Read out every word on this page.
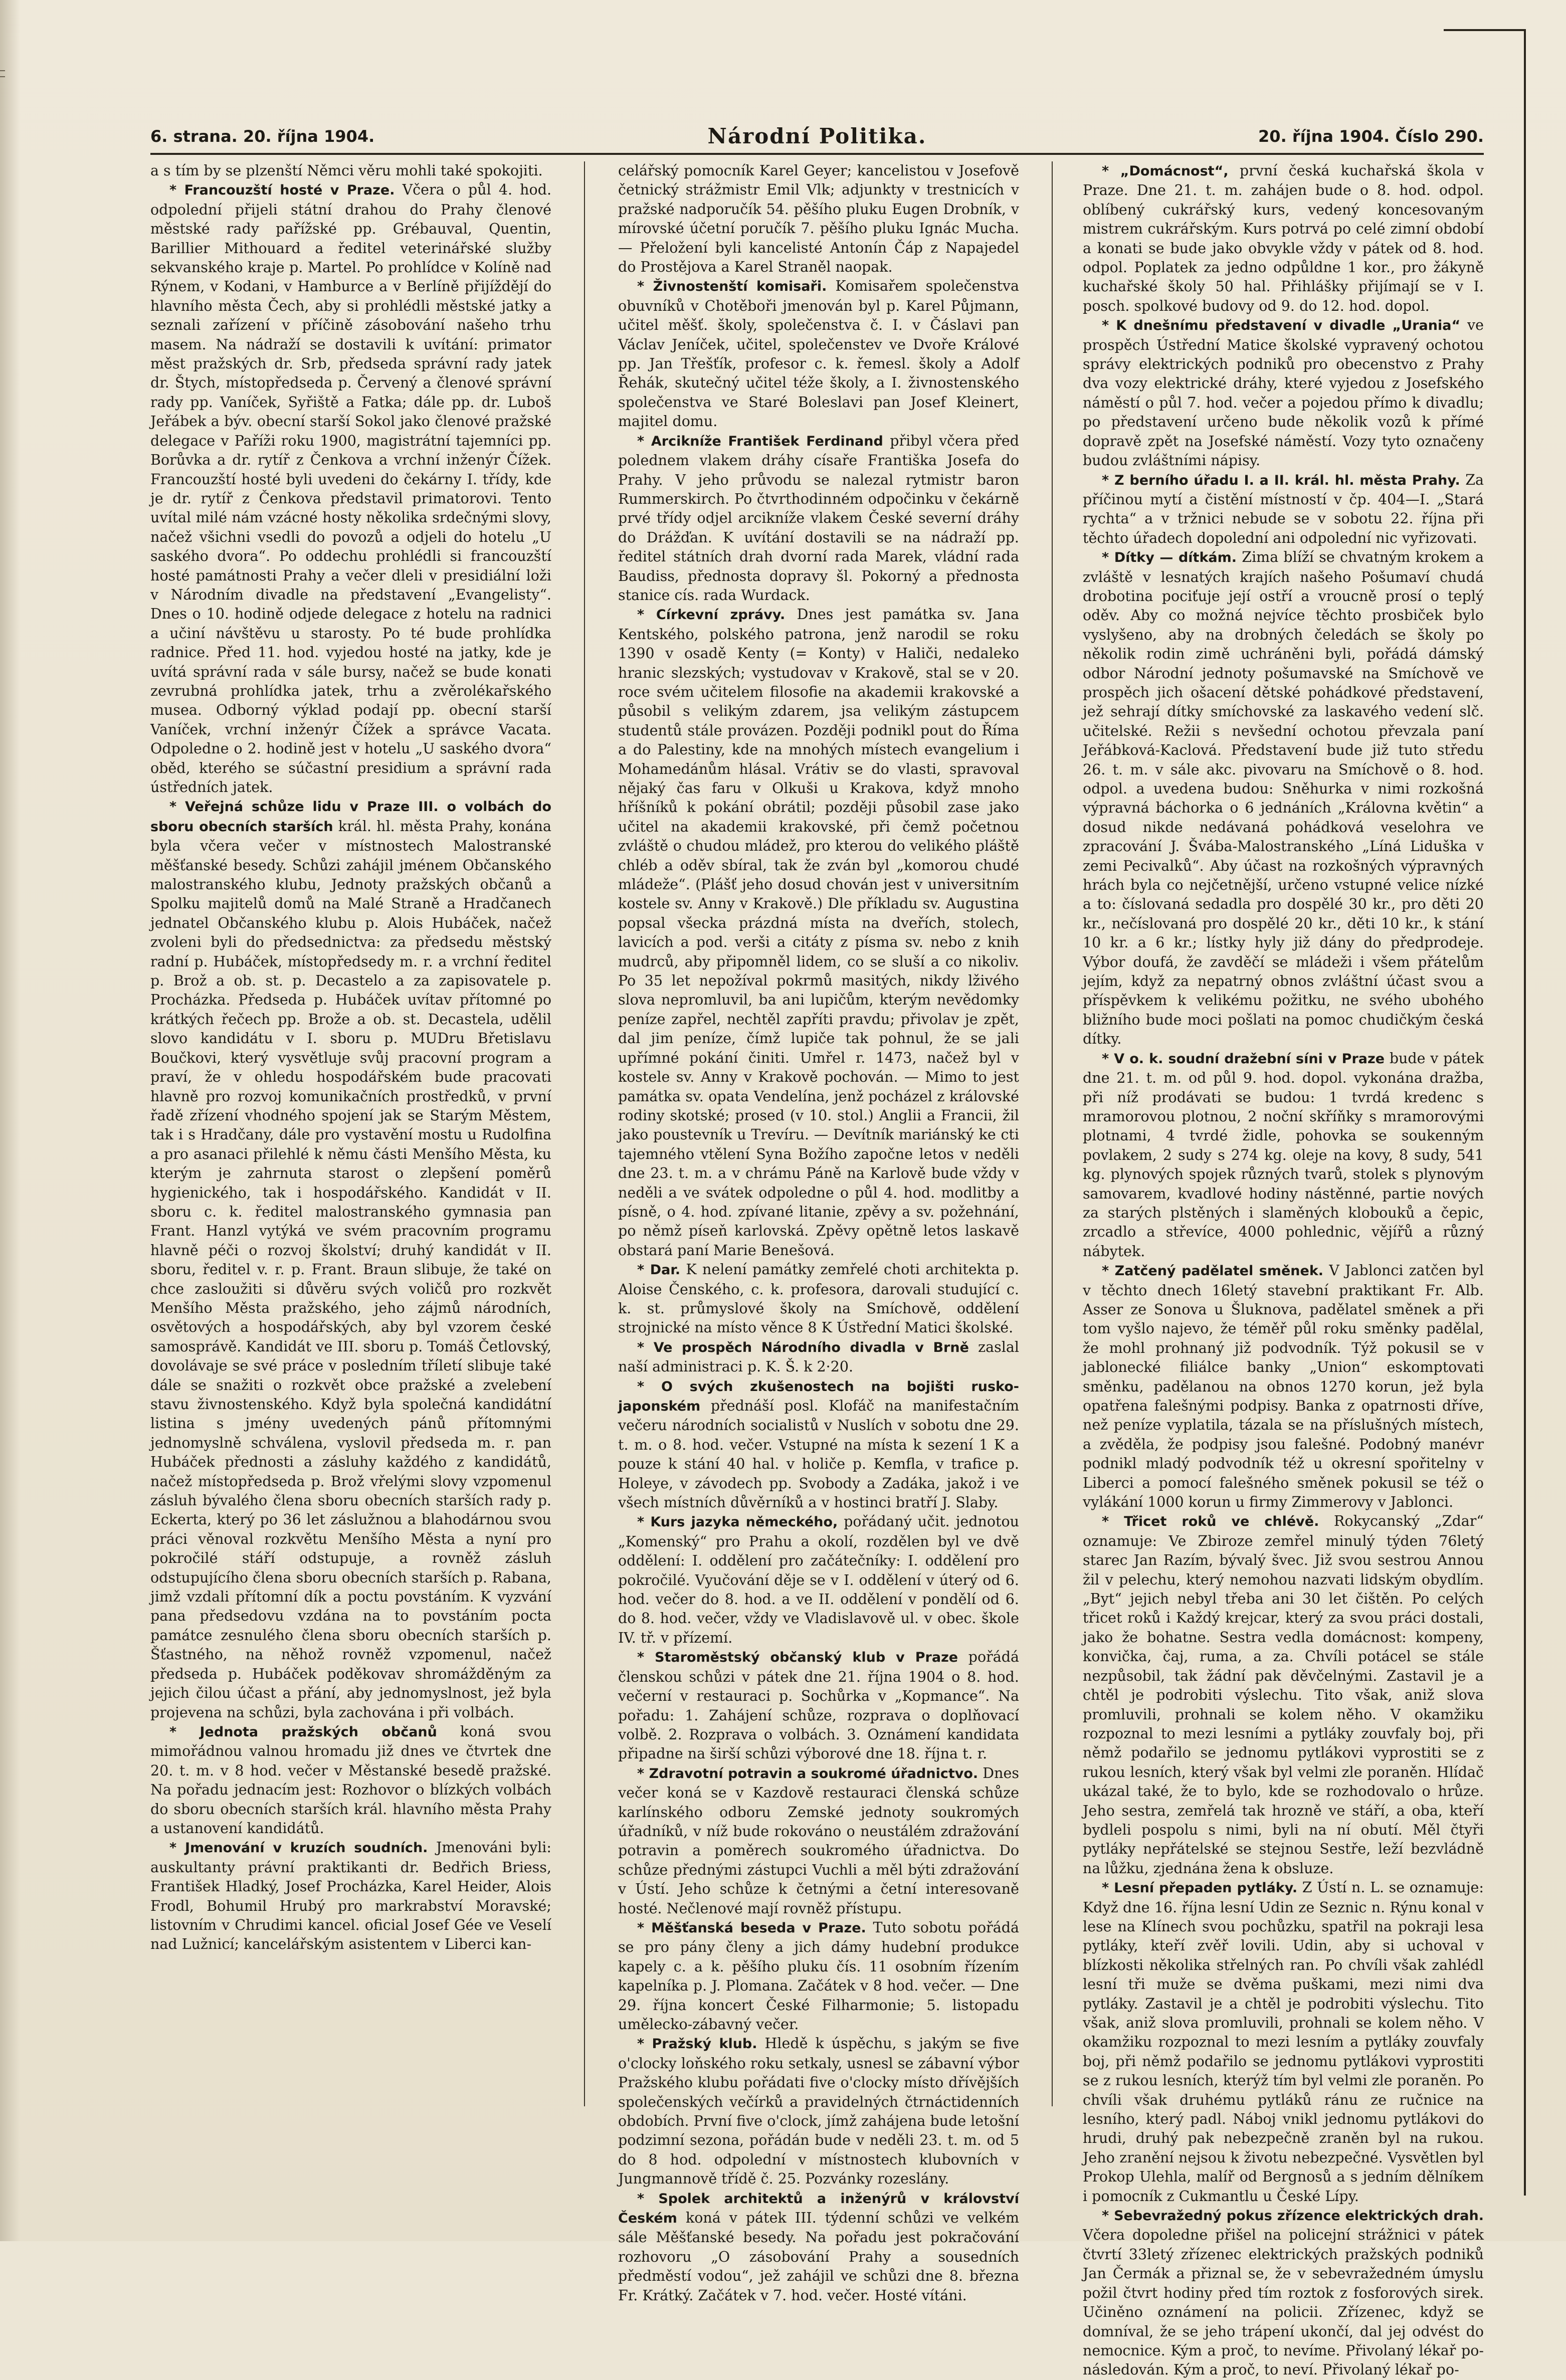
6. strana. 20. října 1904.	Národní Politika.	20. října 1904. Číslo 290.

a s tím by se plzenští Němci věru mohli také spokojiti.

* Francouzští hosté v Praze. Včera o půl 4. hod. odpolední přijeli státní drahou do Prahy členové městské rady pařížské pp. Grébauval, Quentin, Barillier Mithouard a ředitel veterinářské služby sekvanského kraje p. Martel. Po prohlídce v Kolíně nad Rýnem, v Kodani, v Hamburce a v Berlíně přijíždějí do hlavního města Čech, aby si prohlédli městské jatky a seznali zařízení v příčině zásobování našeho trhu masem. Na nádraží se dostavili k uvítání: primator měst pražských dr. Srb, předseda správní rady jatek dr. Štych, místopředseda p. Červený a členové správní rady pp. Vaníček, Syřiště a Fatka; dále pp. dr. Luboš Jeřábek a býv. obecní starší Sokol jako členové pražské delegace v Paříži roku 1900, magistrátní tajemníci pp. Borůvka a dr. rytíř z Čenkova a vrchní inženýr Čížek. Francouzští hosté byli uvedeni do čekárny I. třídy, kde je dr. rytíř z Čenkova představil primatorovi. Tento uvítal milé nám vzácné hosty několika srdečnými slovy, načež všichni vsedli do povozů a odjeli do hotelu „U saského dvora“. Po oddechu prohlédli si francouzští hosté památnosti Prahy a večer dleli v presidiální loži v Národním divadle na představení „Evangelisty“. Dnes o 10. hodině odjede delegace z hotelu na radnici a učiní návštěvu u starosty. Po té bude prohlídka radnice. Před 11. hod. vyjedou hosté na jatky, kde je uvítá správní rada v sále bursy, načež se bude konati zevrubná prohlídka jatek, trhu a zvěrolékařského musea. Odborný výklad podají pp. obecní starší Vaníček, vrchní inženýr Čížek a správce Vacata. Odpoledne o 2. hodině jest v hotelu „U saského dvora“ oběd, kterého se súčastní presidium a správní rada ústředních jatek.

* Veřejná schůze lidu v Praze III. o volbách do sboru obecních starších král. hl. města Prahy, konána byla včera večer v místnostech Malostranské měšťanské besedy. Schůzi zahájil jménem Občanského malostranského klubu, Jednoty pražských občanů a Spolku majitelů domů na Malé Straně a Hradčanech jednatel Občanského klubu p. Alois Hubáček, načež zvoleni byli do předsednictva: za předsedu městský radní p. Hubáček, místopředsedy m. r. a vrchní ředitel p. Brož a ob. st. p. Decastelo a za zapisovatele p. Procházka. Předseda p. Hubáček uvítav přítomné po krátkých řečech pp. Brože a ob. st. Decastela, udělil slovo kandidátu v I. sboru p. MUDru Břetislavu Boučkovi, který vysvětluje svůj pracovní program a praví, že v ohledu hospodářském bude pracovati hlavně pro rozvoj komunikačních prostředků, v první řadě zřízení vhodného spojení jak se Starým Městem, tak i s Hradčany, dále pro vystavění mostu u Rudolfina a pro asanaci přilehlé k němu části Menšího Města, ku kterým je zahrnuta starost o zlepšení poměrů hygienického, tak i hospodářského. Kandidát v II. sboru c. k. ředitel malostranského gymnasia pan Frant. Hanzl vytýká ve svém pracovním programu hlavně péči o rozvoj školství; druhý kandidát v II. sboru, ředitel v. r. p. Frant. Braun slibuje, že také on chce zasloužiti si důvěru svých voličů pro rozkvět Menšího Města pražského, jeho zájmů národních, osvětových a hospodářských, aby byl vzorem české samosprávě. Kandidát ve III. sboru p. Tomáš Četlovský, dovolávaje se své práce v posledním tříletí slibuje také dále se snažiti o rozkvět obce pražské a zvelebení stavu živnostenského. Když byla společná kandidátní listina s jmény uvedených pánů přítomnými jednomyslně schválena, vyslovil předseda m. r. pan Hubáček přednosti a zásluhy každého z kandidátů, načež místopředseda p. Brož vřelými slovy vzpomenul zásluh bývalého člena sboru obecních starších rady p. Eckerta, který po 36 let záslužnou a blahodárnou svou práci věnoval rozkvětu Menšího Města a nyní pro pokročilé stáří odstupuje, a rovněž zásluh odstupujícího člena sboru obecních starších p. Rabana, jimž vzdali přítomní dík a poctu povstáním. K vyzvání pana předsedovu vzdána na to povstáním pocta památce zesnulého člena sboru obecních starších p. Šťastného, na něhož rovněž vzpomenul, načež předseda p. Hubáček poděkovav shromážděným za jejich čilou účast a přání, aby jednomyslnost, jež byla projevena na schůzi, byla zachována i při volbách.

* Jednota pražských občanů koná svou mimořádnou valnou hromadu již dnes ve čtvrtek dne 20. t. m. v 8 hod. večer v Městanské besedě pražské. Na pořadu jednacím jest: Rozhovor o blízkých volbách do sboru obecních starších král. hlavního města Prahy a ustanovení kandidátů.

* Jmenování v kruzích soudních. Jmenováni byli: auskultanty právní praktikanti dr. Bedřich Briess, František Hladký, Josef Procházka, Karel Heider, Alois Frodl, Bohumil Hrubý pro markrabství Moravské; listovním v Chrudimi kancel. oficial Josef Gée ve Veselí nad Lužnicí; kancelářským asistentem v Liberci kan-

celářský pomocník Karel Geyer; kancelistou v Josefově četnický strážmistr Emil Vlk; adjunkty v trestnicích v pražské nadporučík 54. pěšího pluku Eugen Drobník, v mírovské účetní poručík 7. pěšího pluku Ignác Mucha. — Přeložení byli kancelisté Antonín Čáp z Napajedel do Prostějova a Karel Straněl naopak.

* Živnostenští komisaři. Komisařem společenstva obuvníků v Chotěboři jmenován byl p. Karel Půjmann, učitel měšť. školy, společenstva č. I. v Čáslavi pan Václav Jeníček, učitel, společenstev ve Dvoře Králové pp. Jan Třešťík, profesor c. k. řemesl. školy a Adolf Řehák, skutečný učitel téže školy, a I. živnostenského společenstva ve Staré Boleslavi pan Josef Kleinert, majitel domu.

* Arcikníže František Ferdinand přibyl včera před polednem vlakem dráhy císaře Františka Josefa do Prahy. V jeho průvodu se nalezal rytmistr baron Rummerskirch. Po čtvrthodinném odpočinku v čekárně prvé třídy odjel arcikníže vlakem České severní dráhy do Drážďan. K uvítání dostavili se na nádraží pp. ředitel státních drah dvorní rada Marek, vládní rada Baudiss, přednosta dopravy šl. Pokorný a přednosta stanice cís. rada Wurdack.

* Církevní zprávy. Dnes jest památka sv. Jana Kentského, polského patrona, jenž narodil se roku 1390 v osadě Kenty (= Konty) v Haliči, nedaleko hranic slezských; vystudovav v Krakově, stal se v 20. roce svém učitelem filosofie na akademii krakovské a působil s velikým zdarem, jsa velikým zástupcem studentů stále provázen. Později podnikl pout do Říma a do Palestiny, kde na mnohých místech evangelium i Mohamedánům hlásal. Vrátiv se do vlasti, spravoval nějaký čas faru v Olkuši u Krakova, když mnoho hříšníků k pokání obrátil; později působil zase jako učitel na akademii krakovské, při čemž početnou zvláště o chudou mládež, pro kterou do velikého pláště chléb a oděv sbíral, tak že zván byl „komorou chudé mládeže“. (Plášť jeho dosud chován jest v universitním kostele sv. Anny v Krakově.) Dle příkladu sv. Augustina popsal všecka prázdná místa na dveřích, stolech, lavicích a pod. verši a citáty z písma sv. nebo z knih mudrců, aby připomněl lidem, co se sluší a co nikoliv. Po 35 let nepožíval pokrmů masitých, nikdy lživého slova nepromluvil, ba ani lupičům, kterým nevědomky peníze zapřel, nechtěl zapříti pravdu; přivolav je zpět, dal jim peníze, čímž lupiče tak pohnul, že se jali upřímné pokání činiti. Umřel r. 1473, načež byl v kostele sv. Anny v Krakově pochován. — Mimo to jest památka sv. opata Vendelína, jenž pocházel z královské rodiny skotské; prosed (v 10. stol.) Anglii a Francii, žil jako poustevník u Trevíru. — Devítník mariánský ke cti tajemného vtělení Syna Božího započne letos v neděli dne 23. t. m. a v chrámu Páně na Karlově bude vždy v neděli a ve svátek odpoledne o půl 4. hod. modlitby a písně, o 4. hod. zpívané litanie, zpěvy a sv. požehnání, po němž píseň karlovská. Zpěvy opětně letos laskavě obstará paní Marie Benešová.

* Dar. K nelení památky zemřelé choti architekta p. Aloise Čenského, c. k. profesora, darovali studující c. k. st. průmyslové školy na Smíchově, oddělení strojnické na místo věnce 8 K Ústřední Matici školské.

* Ve prospěch Národního divadla v Brně zaslal naší administraci p. K. Š. k 2·20.

* O svých zkušenostech na bojišti rusko-japonském přednáší posl. Klofáč na manifestačním večeru národních socialistů v Nuslích v sobotu dne 29. t. m. o 8. hod. večer. Vstupné na místa k sezení 1 K a pouze k stání 40 hal. v holiče p. Kemfla, v trafice p. Holeye, v závodech pp. Svobody a Zadáka, jakož i ve všech místních důvěrníků a v hostinci bratří J. Slaby.

* Kurs jazyka německého, pořádaný učit. jednotou „Komenský“ pro Prahu a okolí, rozdělen byl ve dvě oddělení: I. oddělení pro začátečníky: I. oddělení pro pokročilé. Vyučování děje se v I. oddělení v úterý od 6. hod. večer do 8. hod. a ve II. oddělení v pondělí od 6. do 8. hod. večer, vždy ve Vladislavově ul. v obec. škole IV. tř. v přízemí.

* Staroměstský občanský klub v Praze pořádá členskou schůzi v pátek dne 21. října 1904 o 8. hod. večerní v restauraci p. Sochůrka v „Kopmance“. Na pořadu: 1. Zahájení schůze, rozprava o doplňovací volbě. 2. Rozprava o volbách. 3. Oznámení kandidata připadne na širší schůzi výborové dne 18. října t. r.

* Zdravotní potravin a soukromé úřadnictvo. Dnes večer koná se v Kazdově restauraci členská schůze karlínského odboru Zemské jednoty soukromých úřadníků, v níž bude rokováno o neustálém zdražování potravin a poměrech soukromého úřadnictva. Do schůze přednými zástupci Vuchli a měl býti zdražování v Ústí. Jeho schůze k četnými a četní interesovaně hosté. Nečlenové mají rovněž přístupu.

* Měšťanská beseda v Praze. Tuto sobotu pořádá se pro pány členy a jich dámy hudební produkce kapely c. a k. pěšího pluku čís. 11 osobním řízením kapelníka p. J. Plomana. Začátek v 8 hod. večer. — Dne 29. října koncert České Filharmonie; 5. listopadu umělecko-zábavný večer.

* Pražský klub. Hledě k úspěchu, s jakým se five o'clocky loňského roku setkaly, usnesl se zábavní výbor Pražského klubu pořádati five o'clocky místo dřívějších společenských večírků a pravidelných čtrnáctidenních obdobích. První five o'clock, jímž zahájena bude letošní podzimní sezona, pořádán bude v neděli 23. t. m. od 5 do 8 hod. odpolední v místnostech klubovních v Jungmannově třídě č. 25. Pozvánky rozeslány.

* Spolek architektů a inženýrů v království Českém koná v pátek III. týdenní schůzi ve velkém sále Měšťanské besedy. Na pořadu jest pokračování rozhovoru „O zásobování Prahy a sousedních předměstí vodou“, jež zahájil ve schůzi dne 8. března Fr. Krátký. Začátek v 7. hod. večer. Hosté vítáni.

* „Domácnost“, první česká kuchařská škola v Praze. Dne 21. t. m. zahájen bude o 8. hod. odpol. oblíbený cukrářský kurs, vedený koncesovaným mistrem cukrářským. Kurs potrvá po celé zimní období a konati se bude jako obvykle vždy v pátek od 8. hod. odpol. Poplatek za jedno odpůldne 1 kor., pro žákyně kuchařské školy 50 hal. Přihlášky přijímají se v I. posch. spolkové budovy od 9. do 12. hod. dopol.

* K dnešnímu představení v divadle „Urania“ ve prospěch Ústřední Matice školské vypravený ochotou správy elektrických podniků pro obecenstvo z Prahy dva vozy elektrické dráhy, které vyjedou z Josefského náměstí o půl 7. hod. večer a pojedou přímo k divadlu; po představení určeno bude několik vozů k přímé dopravě zpět na Josefské náměstí. Vozy tyto označeny budou zvláštními nápisy.

* Z berního úřadu I. a II. král. hl. města Prahy. Za příčinou mytí a čistění místností v čp. 404—I. „Stará rychta“ a v tržnici nebude se v sobotu 22. října při těchto úřadech dopolední ani odpolední nic vyřizovati.

* Dítky — dítkám. Zima blíží se chvatným krokem a zvláště v lesnatých krajích našeho Pošumaví chudá drobotina pociťuje její ostří a vroucně prosí o teplý oděv. Aby co možná nejvíce těchto prosbiček bylo vyslyšeno, aby na drobných čeledách se školy po několik rodin zimě uchráněni byli, pořádá dámský odbor Národní jednoty pošumavské na Smíchově ve prospěch jich ošacení dětské pohádkové představení, jež sehrají dítky smíchovské za laskavého vedení slč. učitelské. Režii s nevšední ochotou převzala paní Jeřábková-Kaclová. Představení bude již tuto středu 26. t. m. v sále akc. pivovaru na Smíchově o 8. hod. odpol. a uvedena budou: Sněhurka v nimi rozkošná výpravná báchorka o 6 jednáních „Královna květin“ a dosud nikde nedávaná pohádková veselohra ve zpracování J. Švába-Malostranského „Líná Liduška v zemi Pecivalků“. Aby účast na rozkošných výpravných hrách byla co nejčetnější, určeno vstupné velice nízké a to: číslovaná sedadla pro dospělé 30 kr., pro děti 20 kr., nečíslovaná pro dospělé 20 kr., děti 10 kr., k stání 10 kr. a 6 kr.; lístky hyly již dány do předprodeje. Výbor doufá, že zavděčí se mládeži i všem přátelům jejím, když za nepatrný obnos zvláštní účast svou a příspěvkem k velikému požitku, ne svého ubohého bližního bude moci pošlati na pomoc chudičkým česká dítky.

* V o. k. soudní dražební síni v Praze bude v pátek dne 21. t. m. od půl 9. hod. dopol. vykonána dražba, při níž prodávati se budou: 1 tvrdá kredenc s mramorovou plotnou, 2 noční skříňky s mramorovými plotnami, 4 tvrdé židle, pohovka se soukenným povlakem, 2 sudy s 274 kg. oleje na kovy, 8 sudy, 541 kg. plynových spojek různých tvarů, stolek s plynovým samovarem, kvadlové hodiny nástěnné, partie nových za starých plstěných i slaměných klobouků a čepic, zrcadlo a střevíce, 4000 pohlednic, vějířů a různý nábytek.

* Zatčený padělatel směnek. V Jablonci zatčen byl v těchto dnech 16letý stavební praktikant Fr. Alb. Asser ze Sonova u Šluknova, padělatel směnek a při tom vyšlo najevo, že téměř půl roku směnky padělal, že mohl prohnaný již podvodník. Týž pokusil se v jablonecké filiálce banky „Union“ eskomptovati směnku, padělanou na obnos 1270 korun, jež byla opatřena falešnými podpisy. Banka z opatrnosti dříve, než peníze vyplatila, tázala se na příslušných místech, a zvěděla, že podpisy jsou falešné. Podobný manévr podnikl mladý podvodník též u okresní spořitelny v Liberci a pomocí falešného směnek pokusil se též o vylákání 1000 korun u firmy Zimmerovy v Jablonci.

* Třicet roků ve chlévě. Rokycanský „Zdar“ oznamuje: Ve Zbiroze zemřel minulý týden 76letý starec Jan Razím, bývalý švec. Již svou sestrou Annou žil v pelechu, který nemohou nazvati lidským obydlím. „Byt“ jejich nebyl třeba ani 30 let čištěn. Po celých třicet roků i Každý krejcar, který za svou práci dostali, jako že bohatne. Sestra vedla domácnost: kompeny, konvička, čaj, ruma, a za. Chvíli potácel se stále nezpůsobil, tak žádní pak děvčelnými. Zastavil je a chtěl je podrobiti výslechu. Tito však, aniž slova promluvili, prohnali se kolem něho. V okamžiku rozpoznal to mezi lesními a pytláky zouvfaly boj, při němž podařilo se jednomu pytlákovi vyprostiti se z rukou lesních, který však byl velmi zle poraněn. Hlídač ukázal také, že to bylo, kde se rozhodovalo o hrůze. Jeho sestra, zemřelá tak hrozně ve stáří, a oba, kteří bydleli pospolu s nimi, byli na ní obutí. Měl čtyři pytláky nepřátelské se stejnou Sestře, leží bezvládně na lůžku, zjednána žena k obsluze.

* Lesní přepaden pytláky. Z Ústí n. L. se oznamuje: Když dne 16. října lesní Udin ze Seznic n. Rýnu konal v lese na Klínech svou pochůzku, spatřil na pokraji lesa pytláky, kteří zvěř lovili. Udin, aby si uchoval v blízkosti několika střelných ran. Po chvíli však zahlédl lesní tři muže se dvěma puškami, mezi nimi dva pytláky. Zastavil je a chtěl je podrobiti výslechu. Tito však, aniž slova promluvili, prohnali se kolem něho. V okamžiku rozpoznal to mezi lesním a pytláky zouvfaly boj, při němž podařilo se jednomu pytlákovi vyprostiti se z rukou lesních, kterýž tím byl velmi zle poraněn. Po chvíli však druhému pytláků ránu ze ručnice na lesního, který padl. Náboj vnikl jednomu pytlákovi do hrudi, druhý pak nebezpečně zraněn byl na rukou. Jeho zranění nejsou k životu nebezpečné. Vysvětlen byl Prokop Ulehla, malíř od Bergnosů a s jedním dělníkem i pomocník z Cukmantlu u České Lípy.

* Sebevražedný pokus zřízence elektrických drah. Včera dopoledne přišel na policejní strážnici v pátek čtvrtí 33letý zřízenec elektrických pražských podniků Jan Čermák a přiznal se, že v sebevražedném úmyslu požil čtvrt hodiny před tím roztok z fosforových sirek. Učiněno oznámení na policii. Zřízenec, když se domníval, že se jeho trápení ukončí, dal jej odvést do nemocnice. Kým a proč, to nevíme. Přivolaný lékař po-následován. Kým a proč, to neví. Přivolaný lékař po-
